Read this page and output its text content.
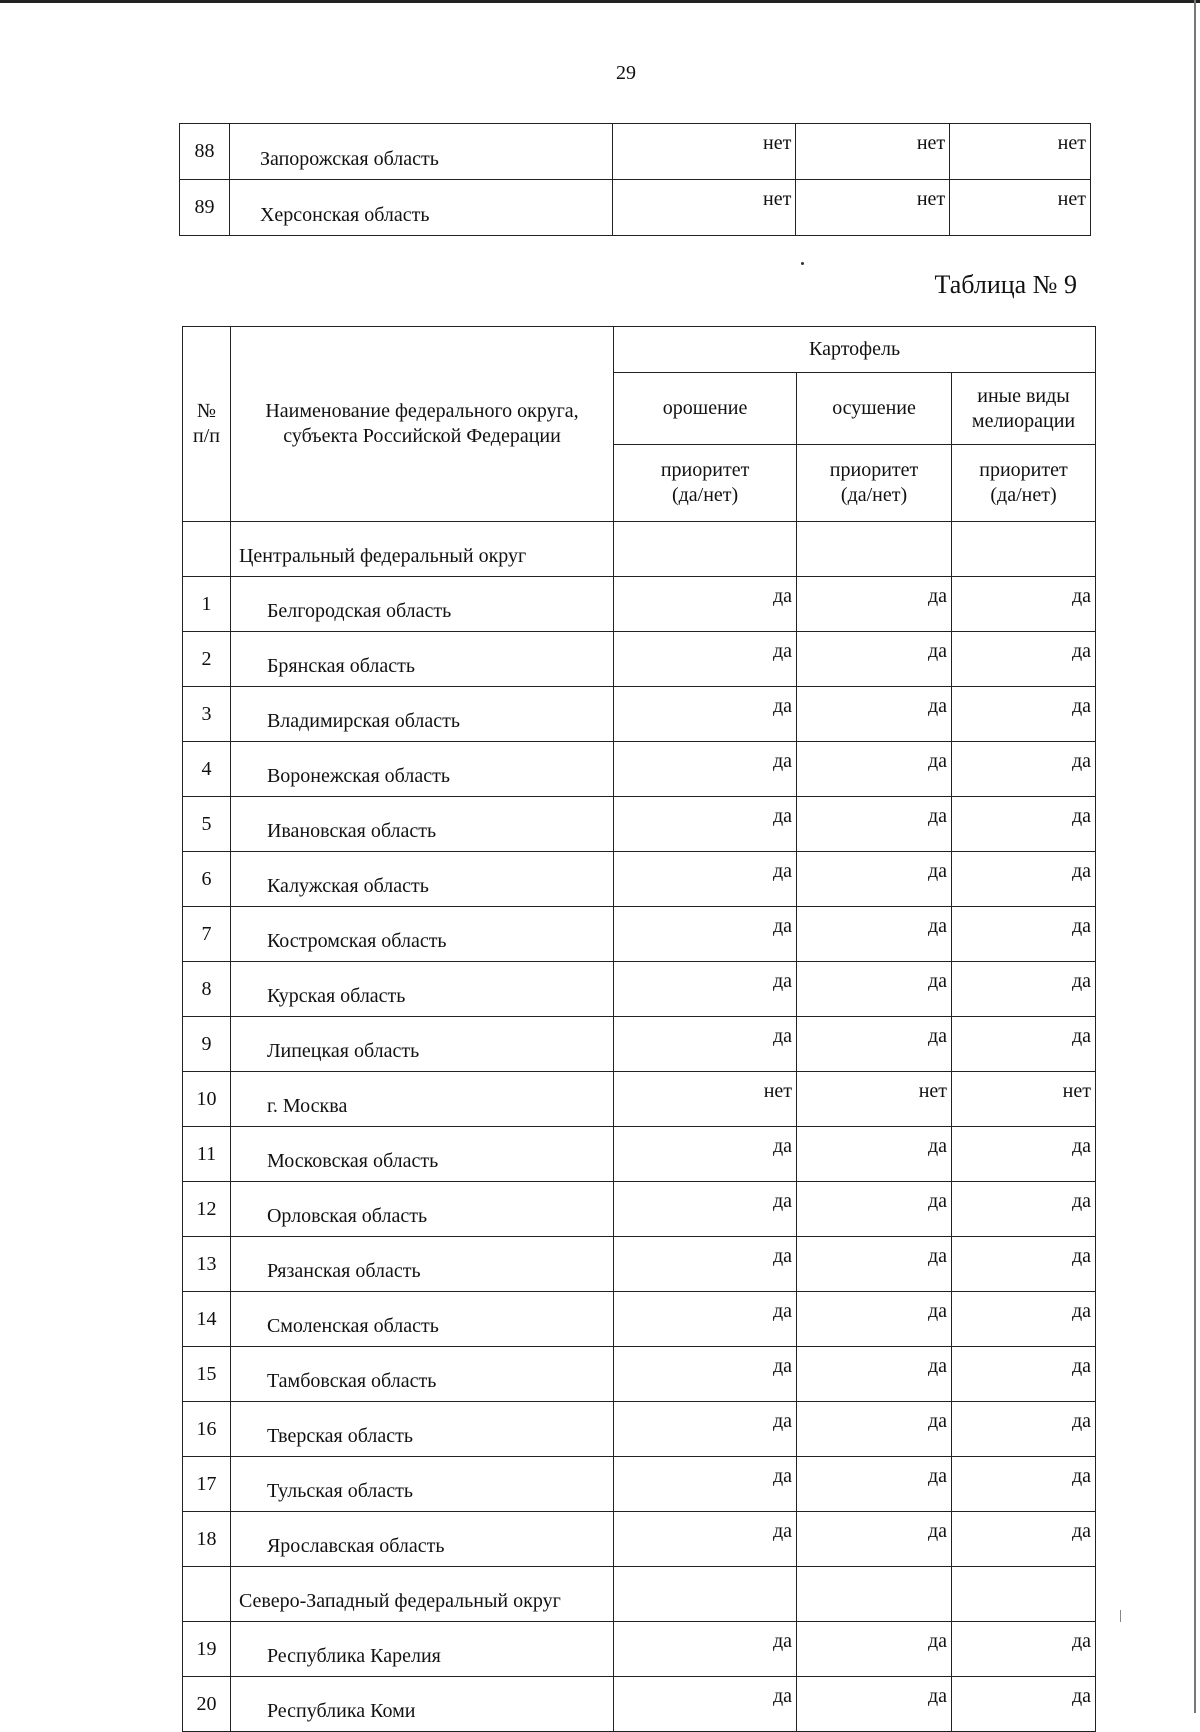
29
88	Запорожская область	нет	нет	нет
89	Херсонская область	нет	нет	нет
Таблица № 9
№ п/п	Наименование федерального округа, субъекта Российской Федерации	Картофель		
		орошение	осушение	иные виды мелиорации
		приоритет (да/нет)	приоритет (да/нет)	приоритет (да/нет)
	Центральный федеральный округ			
1	Белгородская область	да	да	да
2	Брянская область	да	да	да
3	Владимирская область	да	да	да
4	Воронежская область	да	да	да
5	Ивановская область	да	да	да
6	Калужская область	да	да	да
7	Костромская область	да	да	да
8	Курская область	да	да	да
9	Липецкая область	да	да	да
10	г. Москва	нет	нет	нет
11	Московская область	да	да	да
12	Орловская область	да	да	да
13	Рязанская область	да	да	да
14	Смоленская область	да	да	да
15	Тамбовская область	да	да	да
16	Тверская область	да	да	да
17	Тульская область	да	да	да
18	Ярославская область	да	да	да
	Северо-Западный федеральный округ			
19	Республика Карелия	да	да	да
20	Республика Коми	да	да	да
